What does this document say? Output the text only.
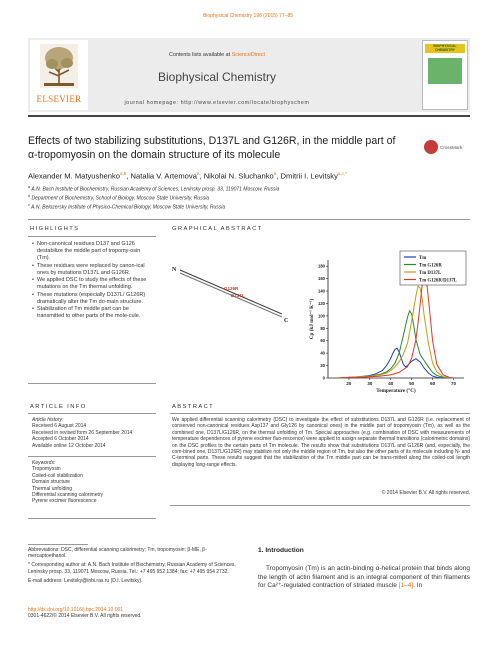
Biophysical Chemistry 196 (2015) 77–85
ELSEVIER
Contents lists available at ScienceDirect
Biophysical Chemistry
journal homepage: http://www.elsevier.com/locate/biophyschem
BIOPHYSICAL CHEMISTRY
Effects of two stabilizing substitutions, D137L and G126R, in the middle part of α-tropomyosin on the domain structure of its molecule
CrossMark
Alexander M. Matyushenko$^{a,b}$, Natalia V. Artemova$^a$, Nikolai N. Sluchanko$^a$, Dmitrii I. Levitsky$^{a,c,*}$
$^a$ A.N. Bach Institute of Biochemistry, Russian Academy of Sciences, Leninsky prosp. 33, 119071 Moscow, Russia
$^b$ Department of Biochemistry, School of Biology, Moscow State University, Russia
$^c$ A.N. Belozersky Institute of Physico-Chemical Biology, Moscow State University, Russia
HIGHLIGHTS	GRAPHICAL ABSTRACT
• Non-canonical residues D137 and G126 destabilize the middle part of tropomy-osin (Tm).
• These residues were replaced by canon-ical ones by mutations D137L and G126R.
• We applied DSC to study the effects of these mutations on the Tm thermal unfolding.
• These mutations (especially D137L/ G126R) dramatically alter the Tm do-main structure.
• Stabilization of Tm middle part can be transmitted to other parts of the mole-cule.
N
C
G126R
D137L
20	30	40	50	60	70
0
20
40
60
80
100
120
140
160
180
Temperature (°C)
Cp (kJ mol⁻¹ K⁻¹)
Tm
Tm G126R
Tm D137L
Tm G126R/D137L
ARTICLE INFO	ABSTRACT
Article history:
Received 6 August 2014
Received in revised form 26 September 2014
Accepted 6 October 2014
Available online 12 October 2014
Keywords:
Tropomyosin
Coiled-coil stabilization
Domain structure
Thermal unfolding
Differential scanning calorimetry
Pyrene excimer fluorescence
We applied differential scanning calorimetry (DSC) to investigate the effect of substitutions D137L and G126R (i.e. replacement of conserved non-canonical residues Asp137 and Gly126 by canonical ones) in the middle part of tropomyosin (Tm), as well as the combined one, D137L/G126R, on the thermal unfolding of Tm. Special approaches (e.g. combination of DSC with measurements of temperature dependences of pyrene excimer fluo-rescence) were applied to assign separate thermal transitions (calorimetric domains) on the DSC profiles to the certain parts of Tm molecule. The results show that substitutions D137L and G126R (and, especially, the com-bined one, D137L/G126R) may stabilize not only the middle region of Tm, but also the other parts of its molecule including N- and C-terminal parts. These results suggest that the stabilization of the Tm middle part can be trans-mitted along the coiled-coil length displaying long-range effects.
© 2014 Elsevier B.V. All rights reserved.

Abbreviations: DSC, differential scanning calorimetry; Tm, tropomyosin; β-ME, β-mercaptoethanol.

* Corresponding author at: A.N. Bach Institute of Biochemistry, Russian Academy of Sciences, Leninsky prosp. 33, 119071 Moscow, Russia. Tel.: +7 495 952 1384; fax: +7 495 954 2732.

E-mail address: Levitsky@inbi.ras.ru (D.I. Levitsky).

http://dx.doi.org/10.1016/j.bpc.2014.10.001
0301-4622/© 2014 Elsevier B.V. All rights reserved.
1. Introduction
Tropomyosin (Tm) is an actin-binding α-helical protein that binds along the length of actin filament and is an integral component of thin filaments for Ca²⁺-regulated contraction of striated muscle [1–4]. In
